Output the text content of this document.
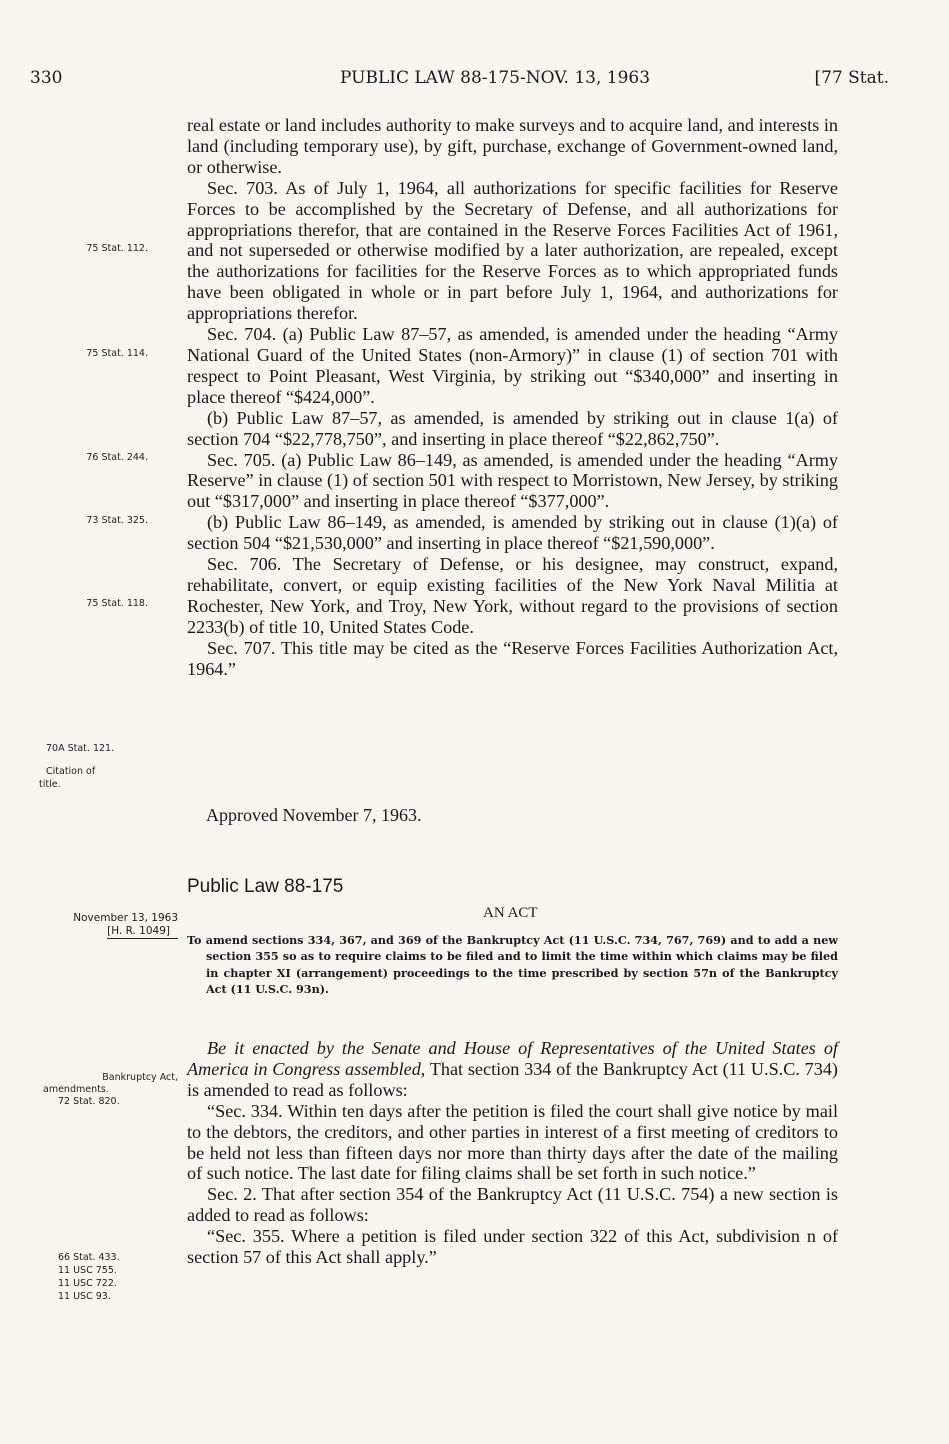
330	PUBLIC LAW 88-175-NOV. 13, 1963	[77 Stat.
75 Stat. 112.
75 Stat. 114.
76 Stat. 244.
73 Stat. 325.
75 Stat. 118.
70A Stat. 121.
Citation of
title.

real estate or land includes authority to make surveys and to acquire land, and interests in land (including temporary use), by gift, purchase, exchange of Government-owned land, or otherwise.

Sec. 703. As of July 1, 1964, all authorizations for specific facilities for Reserve Forces to be accomplished by the Secretary of Defense, and all authorizations for appropriations therefor, that are contained in the Reserve Forces Facilities Act of 1961, and not superseded or otherwise modified by a later authorization, are repealed, except the authorizations for facilities for the Reserve Forces as to which appropriated funds have been obligated in whole or in part before July 1, 1964, and authorizations for appropriations therefor.

Sec. 704. (a) Public Law 87–57, as amended, is amended under the heading “Army National Guard of the United States (non-Armory)” in clause (1) of section 701 with respect to Point Pleasant, West Virginia, by striking out “$340,000” and inserting in place thereof “$424,000”.

(b) Public Law 87–57, as amended, is amended by striking out in clause 1(a) of section 704 “$22,778,750”, and inserting in place thereof “$22,862,750”.

Sec. 705. (a) Public Law 86–149, as amended, is amended under the heading “Army Reserve” in clause (1) of section 501 with respect to Morristown, New Jersey, by striking out “$317,000” and inserting in place thereof “$377,000”.

(b) Public Law 86–149, as amended, is amended by striking out in clause (1)(a) of section 504 “$21,530,000” and inserting in place thereof “$21,590,000”.

Sec. 706. The Secretary of Defense, or his designee, may construct, expand, rehabilitate, convert, or equip existing facilities of the New York Naval Militia at Rochester, New York, and Troy, New York, without regard to the provisions of section 2233(b) of title 10, United States Code.

Sec. 707. This title may be cited as the “Reserve Forces Facilities Authorization Act, 1964.”

Approved November 7, 1963.
Public Law 88-175
AN ACT
November 13, 1963
[H. R. 1049]

To amend sections 334, 367, and 369 of the Bankruptcy Act (11 U.S.C. 734, 767, 769) and to add a new section 355 so as to require claims to be filed and to limit the time within which claims may be filed in chapter XI (arrangement) proceedings to the time prescribed by section 57n of the Bankruptcy Act (11 U.S.C. 93n).

Bankruptcy Act,
amendments.
72 Stat. 820.
66 Stat. 433.
11 USC 755.
11 USC 722.
11 USC 93.

Be it enacted by the Senate and House of Representatives of the United States of America in Congress assembled, That section 334 of the Bankruptcy Act (11 U.S.C. 734) is amended to read as follows:

“Sec. 334. Within ten days after the petition is filed the court shall give notice by mail to the debtors, the creditors, and other parties in interest of a first meeting of creditors to be held not less than fifteen days nor more than thirty days after the date of the mailing of such notice. The last date for filing claims shall be set forth in such notice.”

Sec. 2. That after section 354 of the Bankruptcy Act (11 U.S.C. 754) a new section is added to read as follows:

“Sec. 355. Where a petition is filed under section 322 of this Act, subdivision n of section 57 of this Act shall apply.”
